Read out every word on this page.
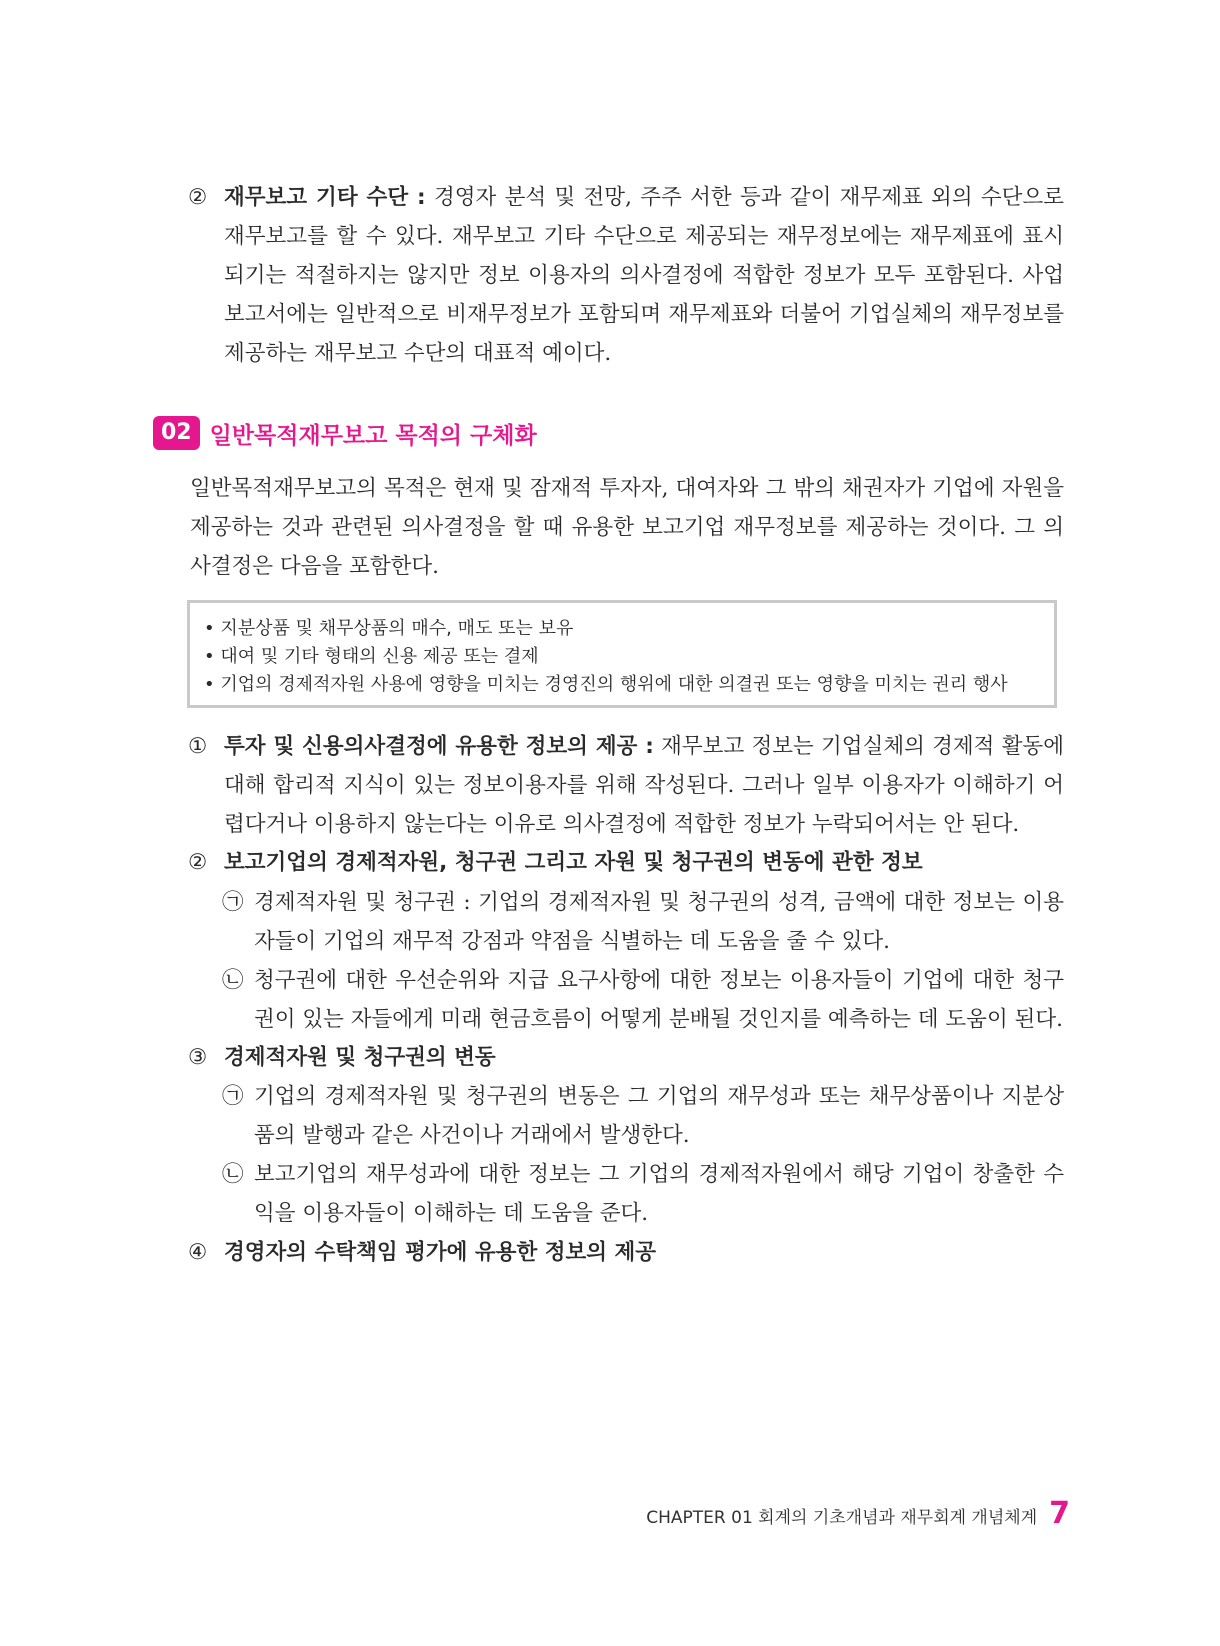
② 재무보고 기타 수단 : 경영자 분석 및 전망, 주주 서한 등과 같이 재무제표 외의 수단으로 재무보고를 할 수 있다. 재무보고 기타 수단으로 제공되는 재무정보에는 재무제표에 표시되기는 적절하지는 않지만 정보 이용자의 의사결정에 적합한 정보가 모두 포함된다. 사업보고서에는 일반적으로 비재무정보가 포함되며 재무제표와 더불어 기업실체의 재무정보를 제공하는 재무보고 수단의 대표적 예이다.
02 일반목적재무보고 목적의 구체화
일반목적재무보고의 목적은 현재 및 잠재적 투자자, 대여자와 그 밖의 채권자가 기업에 자원을 제공하는 것과 관련된 의사결정을 할 때 유용한 보고기업 재무정보를 제공하는 것이다. 그 의사결정은 다음을 포함한다.
• 지분상품 및 채무상품의 매수, 매도 또는 보유
• 대여 및 기타 형태의 신용 제공 또는 결제
• 기업의 경제적자원 사용에 영향을 미치는 경영진의 행위에 대한 의결권 또는 영향을 미치는 권리 행사
① 투자 및 신용의사결정에 유용한 정보의 제공 : 재무보고 정보는 기업실체의 경제적 활동에 대해 합리적 지식이 있는 정보이용자를 위해 작성된다. 그러나 일부 이용자가 이해하기 어렵다거나 이용하지 않는다는 이유로 의사결정에 적합한 정보가 누락되어서는 안 된다.
② 보고기업의 경제적자원, 청구권 그리고 자원 및 청구권의 변동에 관한 정보
㉠ 경제적자원 및 청구권 : 기업의 경제적자원 및 청구권의 성격, 금액에 대한 정보는 이용자들이 기업의 재무적 강점과 약점을 식별하는 데 도움을 줄 수 있다.
㉡ 청구권에 대한 우선순위와 지급 요구사항에 대한 정보는 이용자들이 기업에 대한 청구권이 있는 자들에게 미래 현금흐름이 어떻게 분배될 것인지를 예측하는 데 도움이 된다.
③ 경제적자원 및 청구권의 변동
㉠ 기업의 경제적자원 및 청구권의 변동은 그 기업의 재무성과 또는 채무상품이나 지분상품의 발행과 같은 사건이나 거래에서 발생한다.
㉡ 보고기업의 재무성과에 대한 정보는 그 기업의 경제적자원에서 해당 기업이 창출한 수익을 이용자들이 이해하는 데 도움을 준다.
④ 경영자의 수탁책임 평가에 유용한 정보의 제공
CHAPTER 01 회계의 기초개념과 재무회계 개념체계 7
